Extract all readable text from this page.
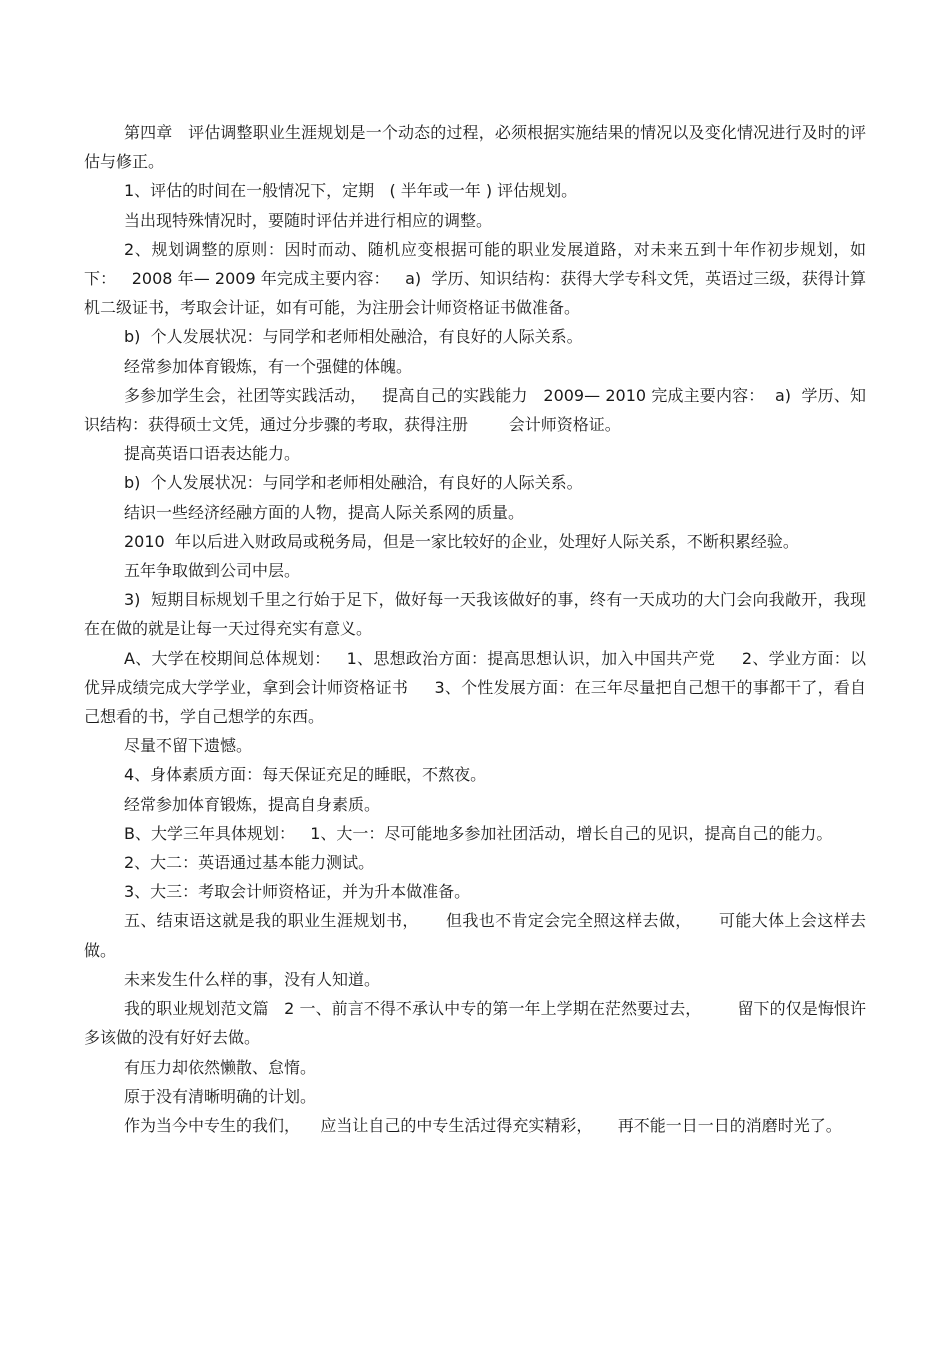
第四章   评估调整职业生涯规划是一个动态的过程，必须根据实施结果的情况以及变化情况进行及时的评估与修正。

1、评估的时间在一般情况下，定期   ( 半年或一年 ) 评估规划。

当出现特殊情况时，要随时评估并进行相应的调整。

2、规划调整的原则：因时而动、随机应变根据可能的职业发展道路，对未来五到十年作初步规划，如下：   2008 年— 2009 年完成主要内容：   a)  学历、知识结构：获得大学专科文凭，英语过三级，获得计算机二级证书，考取会计证，如有可能，为注册会计师资格证书做准备。

b)  个人发展状况：与同学和老师相处融洽，有良好的人际关系。

经常参加体育锻炼，有一个强健的体魄。

多参加学生会，社团等实践活动，   提高自己的实践能力   2009— 2010 完成主要内容：  a)  学历、知识结构：获得硕士文凭，通过分步骤的考取，获得注册        会计师资格证。

提高英语口语表达能力。

b)  个人发展状况：与同学和老师相处融洽，有良好的人际关系。

结识一些经济经融方面的人物，提高人际关系网的质量。

2010  年以后进入财政局或税务局，但是一家比较好的企业，处理好人际关系，不断积累经验。

五年争取做到公司中层。

3)  短期目标规划千里之行始于足下，做好每一天我该做好的事，终有一天成功的大门会向我敞开，我现在在做的就是让每一天过得充实有意义。

A、大学在校期间总体规划：   1、思想政治方面：提高思想认识，加入中国共产党     2、学业方面：以优异成绩完成大学学业，拿到会计师资格证书     3、个性发展方面：在三年尽量把自己想干的事都干了，看自己想看的书，学自己想学的东西。

尽量不留下遗憾。

4、身体素质方面：每天保证充足的睡眠，不熬夜。

经常参加体育锻炼，提高自身素质。

B、大学三年具体规划：   1、大一：尽可能地多参加社团活动，增长自己的见识，提高自己的能力。

2、大二：英语通过基本能力测试。

3、大三：考取会计师资格证，并为升本做准备。

五、结束语这就是我的职业生涯规划书，     但我也不肯定会完全照这样去做，     可能大体上会这样去做。

未来发生什么样的事，没有人知道。

我的职业规划范文篇   2 一、前言不得不承认中专的第一年上学期在茫然要过去，       留下的仅是悔恨许多该做的没有好好去做。

有压力却依然懒散、怠惰。

原于没有清晰明确的计划。

作为当今中专生的我们，    应当让自己的中专生活过得充实精彩，     再不能一日一日的消磨时光了。
